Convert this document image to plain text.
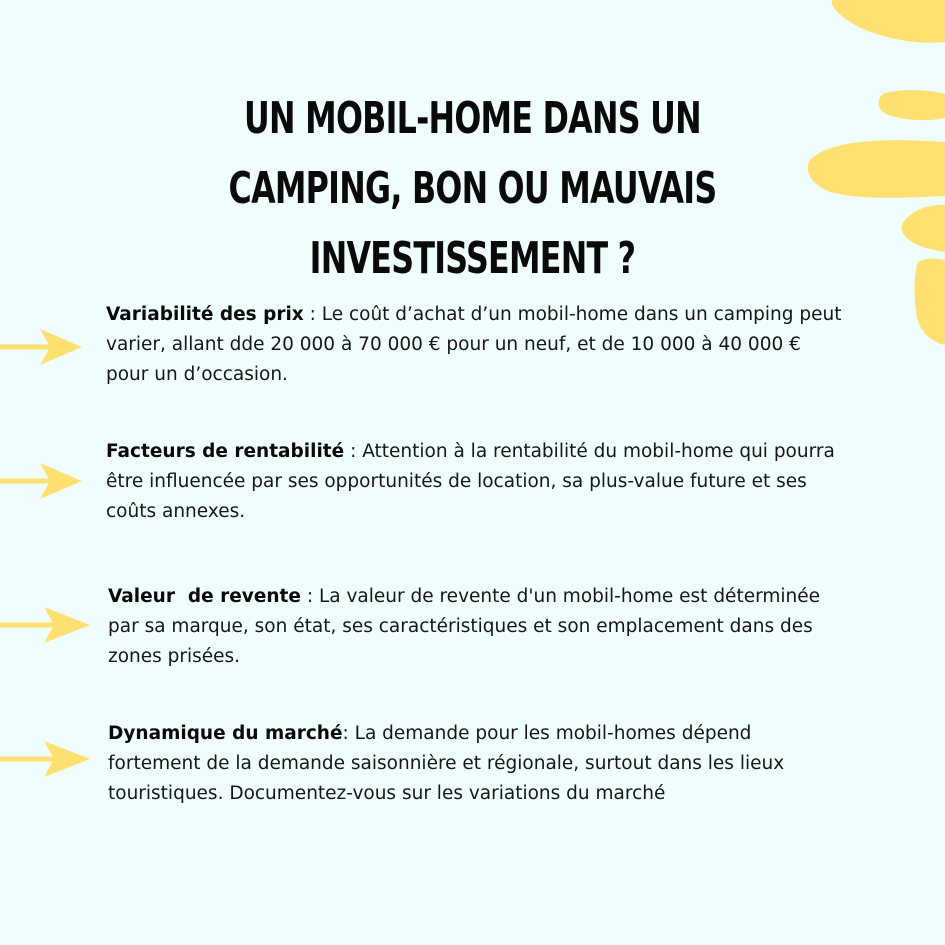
UN MOBIL-HOME DANS UN CAMPING, BON OU MAUVAIS INVESTISSEMENT ?

Variabilité des prix : Le coût d’achat d’un mobil-home dans un camping peut varier, allant dde 20 000 à 70 000 € pour un neuf, et de 10 000 à 40 000 € pour un d’occasion.

Facteurs de rentabilité : Attention à la rentabilité du mobil-home qui pourra être influencée par ses opportunités de location, sa plus-value future et ses coûts annexes.

Valeur  de revente : La valeur de revente d'un mobil-home est déterminée par sa marque, son état, ses caractéristiques et son emplacement dans des zones prisées.

Dynamique du marché: La demande pour les mobil-homes dépend fortement de la demande saisonnière et régionale, surtout dans les lieux touristiques. Documentez-vous sur les variations du marché
